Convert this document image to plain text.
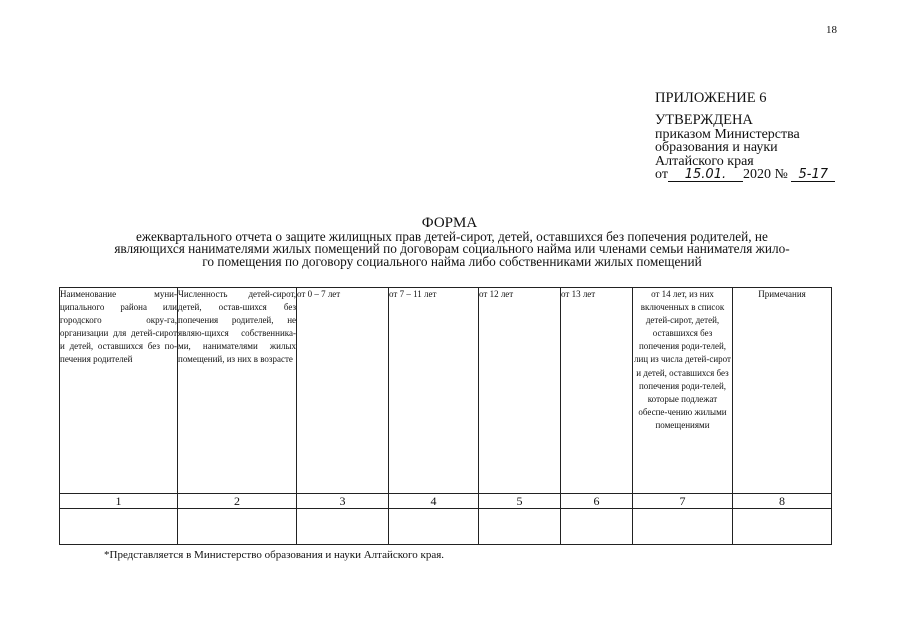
18
ПРИЛОЖЕНИЕ 6
УТВЕРЖДЕНА
приказом Министерства
образования и науки
Алтайского края
от 15.01. 2020 № 5-17
ФОРМА
ежеквартального отчета о защите жилищных прав детей-сирот, детей, оставшихся без попечения родителей, не
являющихся нанимателями жилых помещений по договорам социального найма или членами семьи нанимателя жило-
го помещения по договору социального найма либо собственниками жилых помещений
Наименование муни-ципального района или городского окру-га, организации для детей-сирот и детей, оставшихся без по-печения родителей	Численность детей-сирот, детей, остав-шихся без попечения родителей, не являю-щихся собственника-ми, нанимателями жилых помещений, из них в возрасте	от 0 – 7 лет	от 7 – 11 лет	от 12 лет	от 13 лет	от 14 лет, из них включенных в список детей-сирот, детей, оставшихся без попечения роди-телей, лиц из числа детей-сирот и детей, оставшихся без попечения роди-телей, которые подлежат обеспе-чению жилыми помещениями	Примечания
1	2	3	4	5	6	7	8

*Представляется в Министерство образования и науки Алтайского края.
